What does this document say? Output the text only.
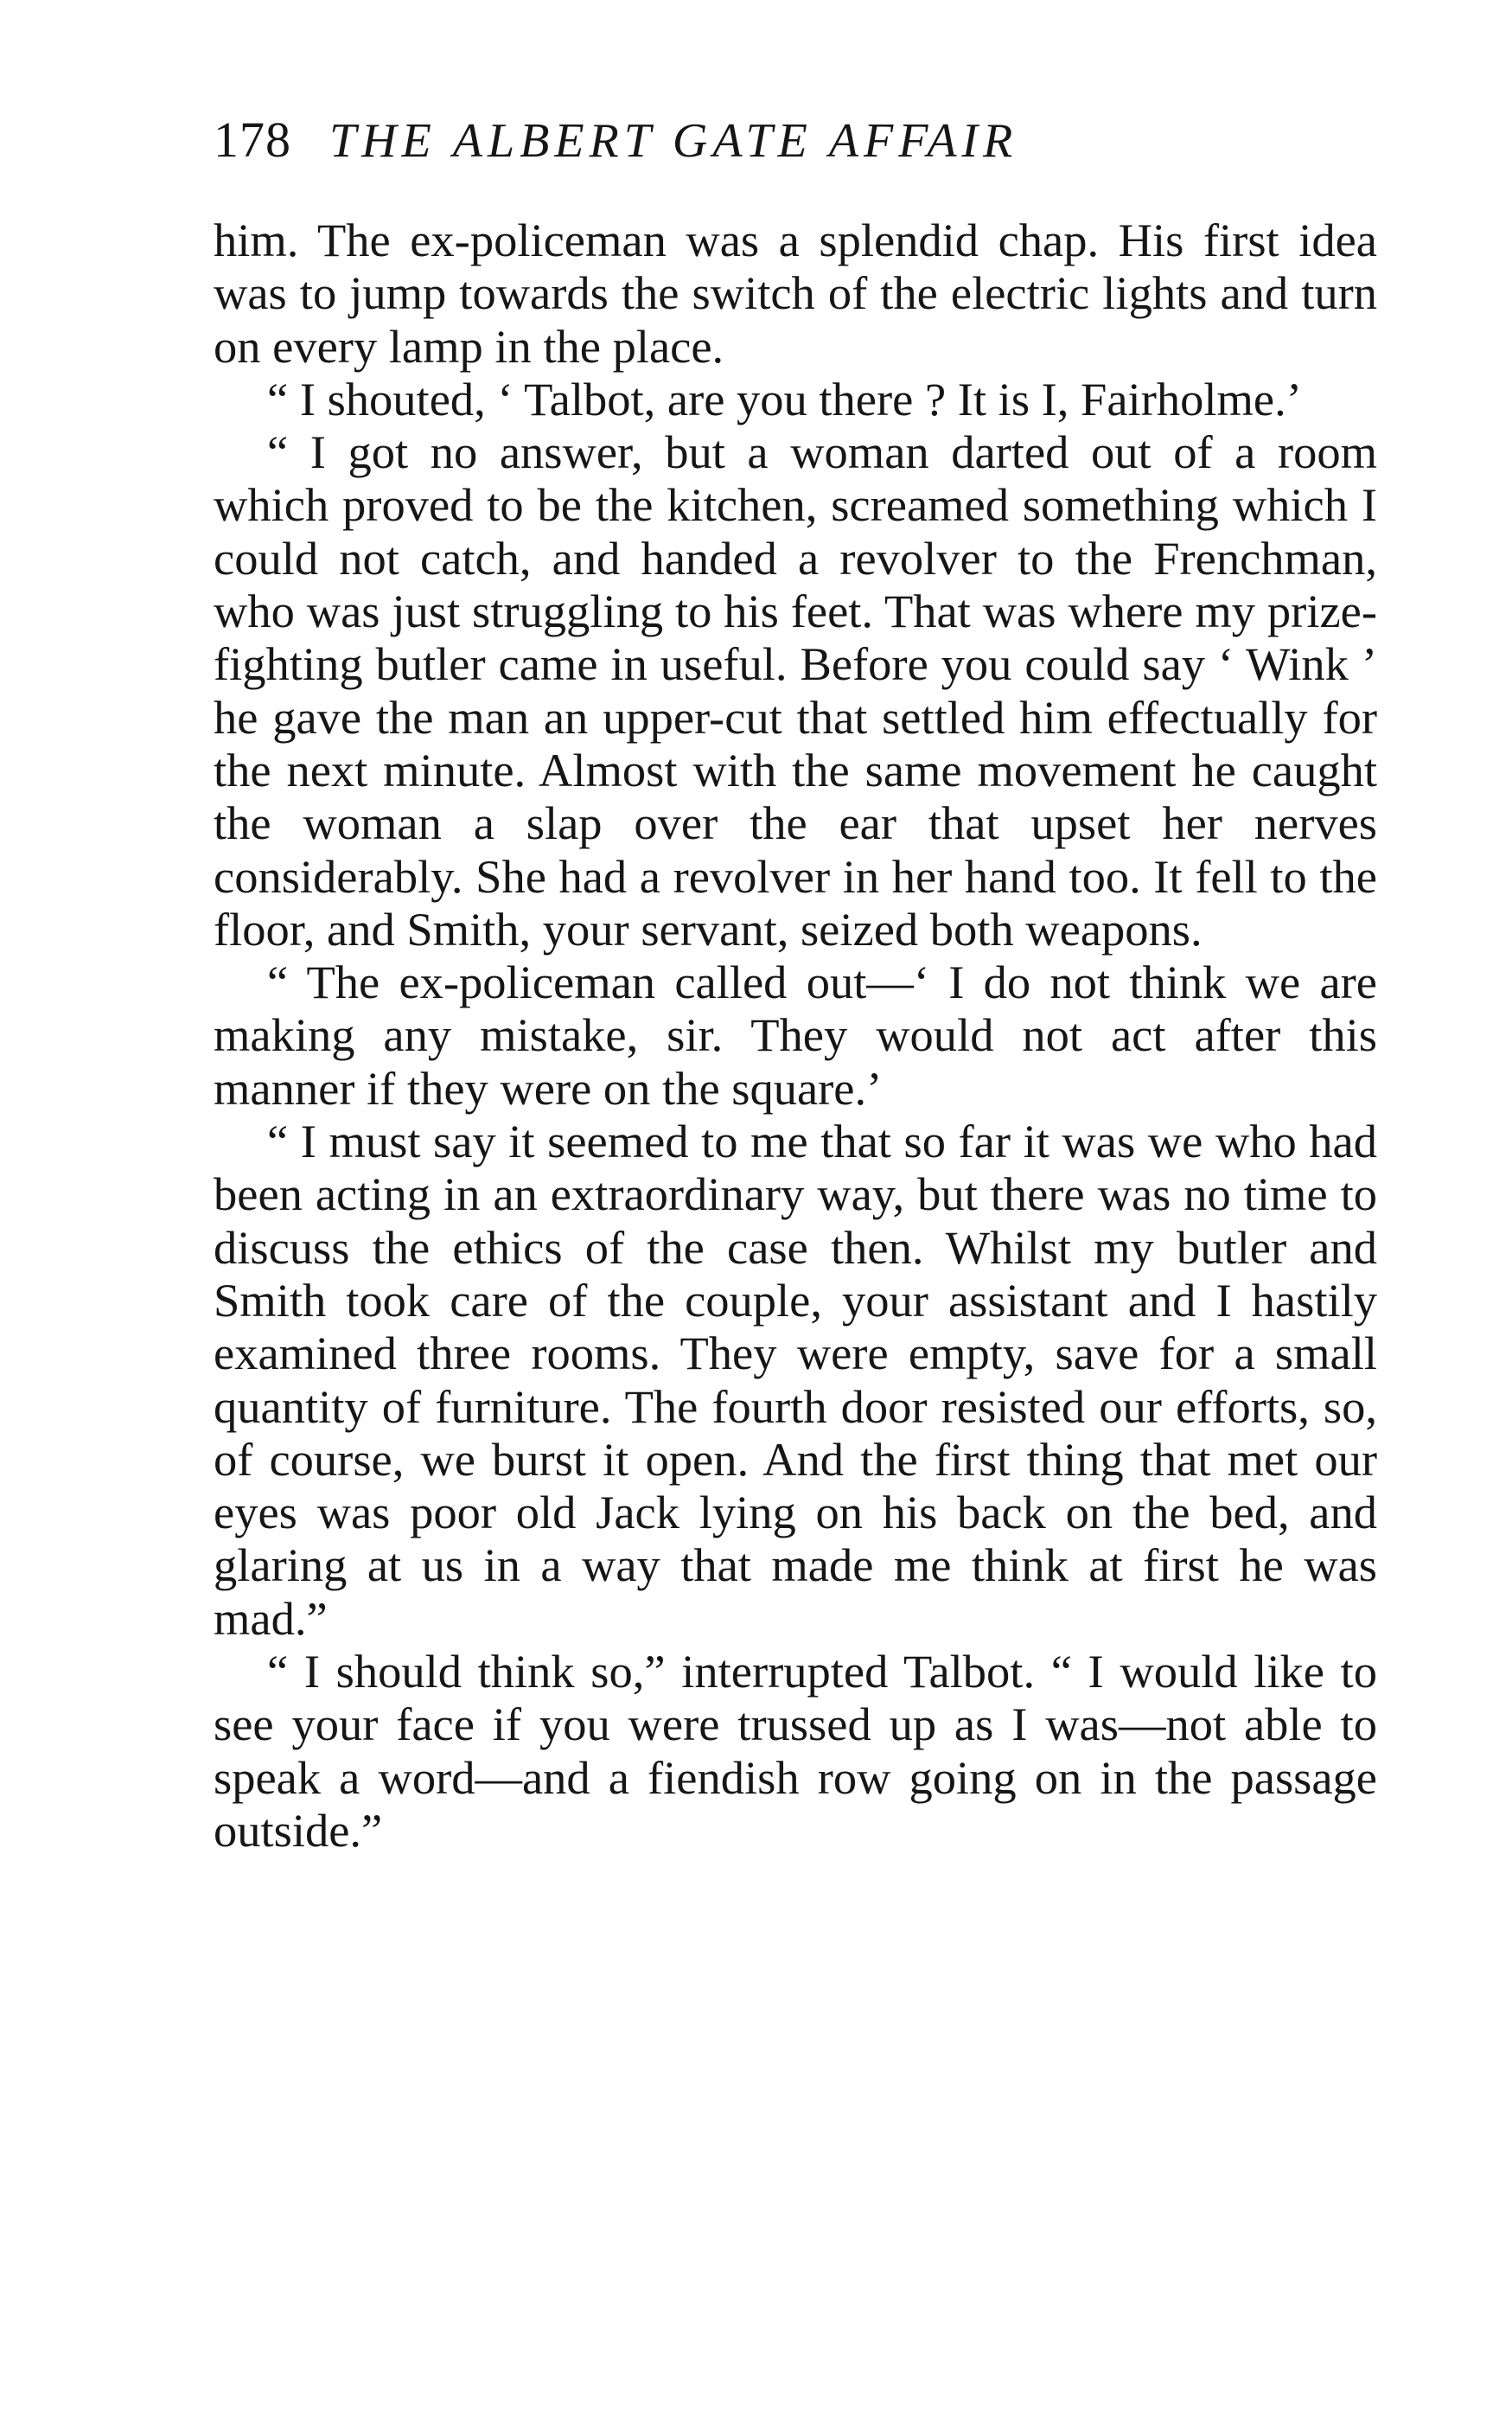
178 THE ALBERT GATE AFFAIR

him. The ex-policeman was a splendid chap. His first idea was to jump towards the switch of the electric lights and turn on every lamp in the place.

“ I shouted, ‘ Talbot, are you there ? It is I, Fairholme.’

“ I got no answer, but a woman darted out of a room which proved to be the kitchen, screamed something which I could not catch, and handed a revolver to the Frenchman, who was just struggling to his feet. That was where my prize-fighting butler came in useful. Before you could say ‘ Wink ’ he gave the man an upper-cut that settled him effectually for the next minute. Almost with the same movement he caught the woman a slap over the ear that upset her nerves considerably. She had a revolver in her hand too. It fell to the floor, and Smith, your servant, seized both weapons.

“ The ex-policeman called out—‘ I do not think we are making any mistake, sir. They would not act after this manner if they were on the square.’

“ I must say it seemed to me that so far it was we who had been acting in an extraordinary way, but there was no time to discuss the ethics of the case then. Whilst my butler and Smith took care of the couple, your assistant and I hastily examined three rooms. They were empty, save for a small quantity of furniture. The fourth door resisted our efforts, so, of course, we burst it open. And the first thing that met our eyes was poor old Jack lying on his back on the bed, and glaring at us in a way that made me think at first he was mad.”

“ I should think so,” interrupted Talbot. “ I would like to see your face if you were trussed up as I was—not able to speak a word—and a fiendish row going on in the passage outside.”
